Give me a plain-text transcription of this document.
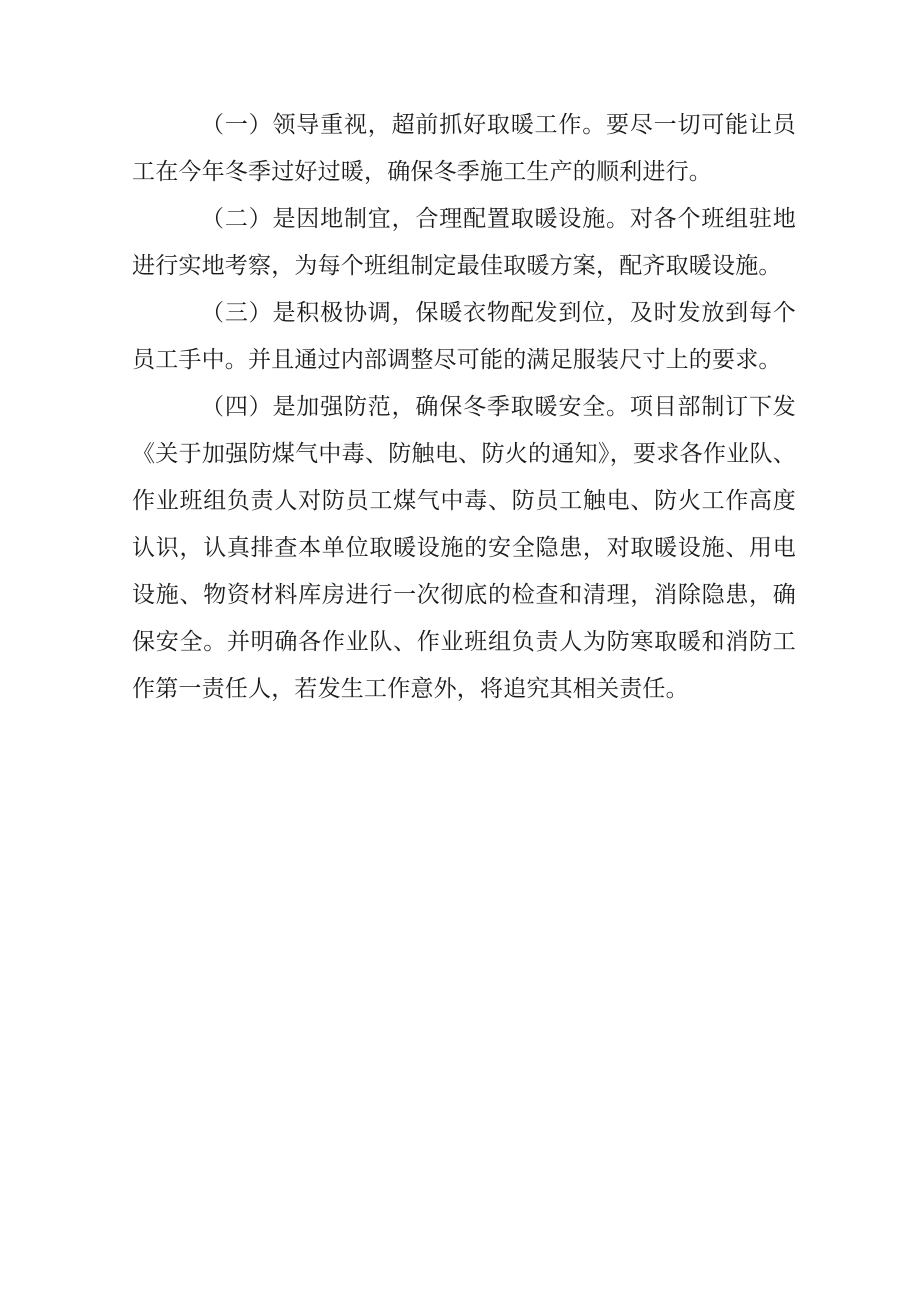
（一）领导重视，超前抓好取暖工作。要尽一切可能让员工在今年冬季过好过暖，确保冬季施工生产的顺利进行。

（二）是因地制宜，合理配置取暖设施。对各个班组驻地进行实地考察，为每个班组制定最佳取暖方案，配齐取暖设施。

（三）是积极协调，保暖衣物配发到位，及时发放到每个员工手中。并且通过内部调整尽可能的满足服装尺寸上的要求。

（四）是加强防范，确保冬季取暖安全。项目部制订下发《关于加强防煤气中毒、防触电、防火的通知》，要求各作业队、作业班组负责人对防员工煤气中毒、防员工触电、防火工作高度认识，认真排查本单位取暖设施的安全隐患，对取暖设施、用电设施、物资材料库房进行一次彻底的检查和清理，消除隐患，确保安全。并明确各作业队、作业班组负责人为防寒取暖和消防工作第一责任人，若发生工作意外，将追究其相关责任。
